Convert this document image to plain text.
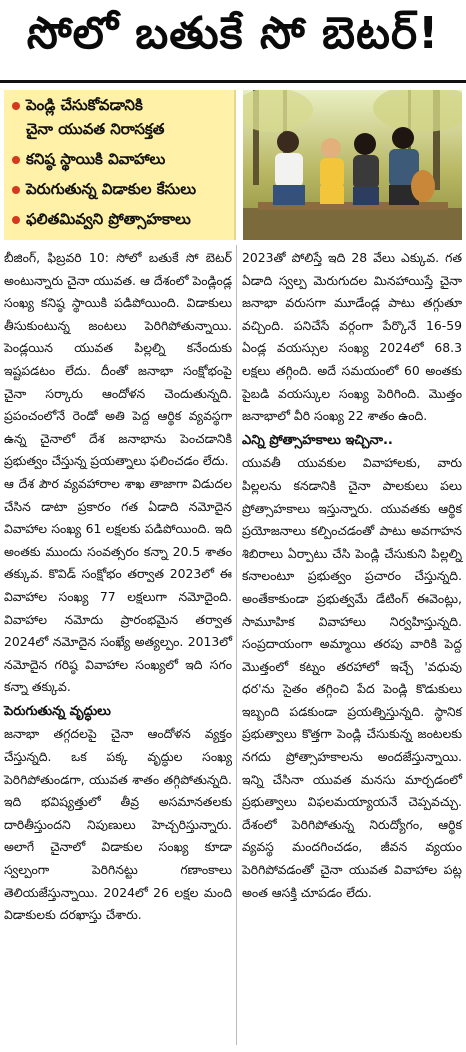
సోలో బతుకే సో బెటర్!
పెండ్లి చేసుకోవడానికి
చైనా యువత నిరాసక్తత
కనిష్ఠ స్థాయికి వివాహాలు
పెరుగుతున్న విడాకుల కేసులు
ఫలితమివ్వని ప్రోత్సాహకాలు

బీజింగ్, ఫిబ్రవరి 10: సోలో బతుకే సో బెటర్ అంటున్నారు చైనా యువత. ఆ దేశంలో పెండ్లిండ్ల సంఖ్య కనిష్ఠ స్థాయికి పడిపోయింది. విడాకులు తీసుకుంటున్న జంటలు పెరిగిపోతున్నాయి. పెండ్లయిన యువత పిల్లల్ని కనేందుకు ఇష్టపడటం లేదు. దీంతో జనాభా సంక్షోభంపై చైనా సర్కారు ఆందోళన చెందుతున్నది. ప్రపంచంలోనే రెండో అతి పెద్ద ఆర్థిక వ్యవస్థగా ఉన్న చైనాలో దేశ జనాభాను పెంచడానికి ప్రభుత్వం చేస్తున్న ప్రయత్నాలు ఫలించడం లేదు.

ఆ దేశ పౌర వ్యవహారాల శాఖ తాజాగా విడుదల చేసిన డాటా ప్రకారం గత ఏడాది నమోదైన వివాహాల సంఖ్య 61 లక్షలకు పడిపోయింది. ఇది అంతకు ముందు సంవత్సరం కన్నా 20.5 శాతం తక్కువ. కొవిడ్ సంక్షోభం తర్వాత 2023లో ఈ వివాహాల సంఖ్య 77 లక్షలుగా నమోదైంది. వివాహాల నమోదు ప్రారంభమైన తర్వాత 2024లో నమోదైన సంఖ్యే అత్యల్పం. 2013లో నమోదైన గరిష్ఠ వివాహాల సంఖ్యలో ఇది సగం కన్నా తక్కువ.

పెరుగుతున్న వృద్ధులు

జనాభా తగ్గదలపై చైనా ఆందోళన వ్యక్తం చేస్తున్నది. ఒక పక్క వృద్ధుల సంఖ్య పెరిగిపోతుండగా, యువత శాతం తగ్గిపోతున్నది. ఇది భవిష్యత్తులో తీవ్ర అసమానతలకు దారితీస్తుందని నిపుణులు హెచ్చరిస్తున్నారు. అలాగే చైనాలో విడాకుల సంఖ్య కూడా స్వల్పంగా పెరిగినట్టు గణాంకాలు తెలియజేస్తున్నాయి. 2024లో 26 లక్షల మంది విడాకులకు దరఖాస్తు చేశారు.

2023తో పోలిస్తే ఇది 28 వేలు ఎక్కువ. గత ఏడాది స్వల్ప మెరుగుదల మినహాయిస్తే చైనా జనాభా వరుసగా మూడేండ్ల పాటు తగ్గుతూ వచ్చింది. పనిచేసే వర్గంగా పేర్కొనే 16-59 ఏండ్ల వయస్సుల సంఖ్య 2024లో 68.3 లక్షలు తగ్గింది. అదే సమయంలో 60 అంతకు పైబడి వయస్కుల సంఖ్య పెరిగింది. మొత్తం జనాభాలో వీరి సంఖ్య 22 శాతం ఉంది.

ఎన్ని ప్రోత్సాహకాలు ఇచ్చినా..

యువతీ యువకుల వివాహాలకు, వారు పిల్లలను కనడానికి చైనా పాలకులు పలు ప్రోత్సాహకాలు ఇస్తున్నారు. యువతకు ఆర్థిక ప్రయోజనాలు కల్పించడంతో పాటు అవగాహన శిబిరాలు ఏర్పాటు చేసి పెండ్లి చేసుకుని పిల్లల్ని కనాలంటూ ప్రభుత్వం ప్రచారం చేస్తున్నది. అంతేకాకుండా ప్రభుత్వమే డేటింగ్ ఈవెంట్లు, సామూహిక వివాహాలు నిర్వహిస్తున్నది. సంప్రదాయంగా అమ్మాయి తరపు వారికి పెద్ద మొత్తంలో కట్నం తరహాలో ఇచ్చే 'వధువు ధర'ను సైతం తగ్గించి పేద పెండ్లి కొడుకులు ఇబ్బంది పడకుండా ప్రయత్నిస్తున్నది. స్థానిక ప్రభుత్వాలు కొత్తగా పెండ్లి చేసుకున్న జంటలకు నగదు ప్రోత్సాహకాలను అందజేస్తున్నాయి. ఇన్ని చేసినా యువత మనసు మార్చడంలో ప్రభుత్వాలు విఫలమయ్యాయనే చెప్పవచ్చు. దేశంలో పెరిగిపోతున్న నిరుద్యోగం, ఆర్థిక వ్యవస్థ మందగించడం, జీవన వ్యయం పెరిగిపోవడంతో చైనా యువత వివాహాల పట్ల అంత ఆసక్తి చూపడం లేదు.
